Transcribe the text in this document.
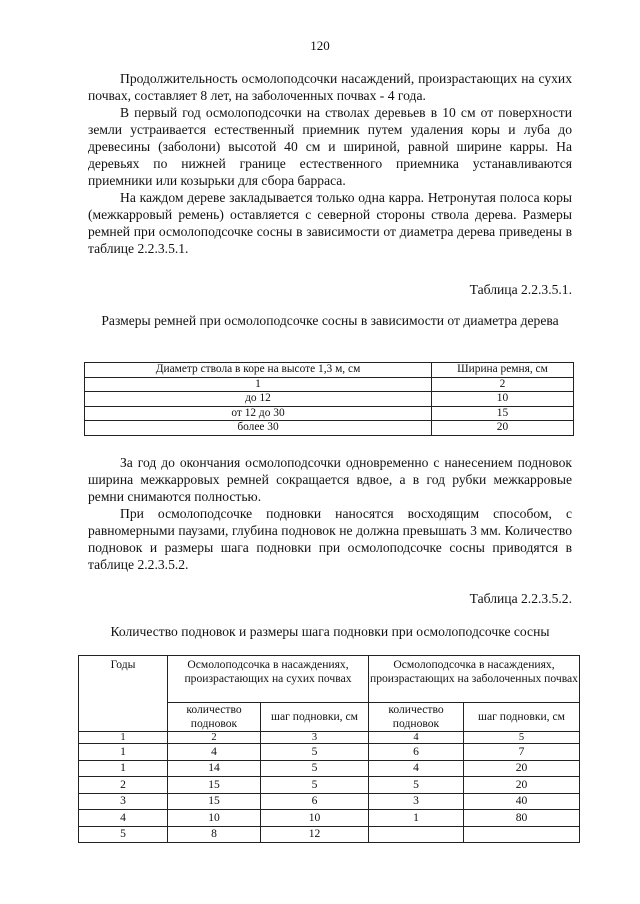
120

Продолжительность осмолоподсочки насаждений, произрастающих на сухих почвах, составляет 8 лет, на заболоченных почвах - 4 года.

В первый год осмолоподсочки на стволах деревьев в 10 см от поверхности земли устраивается естественный приемник путем удаления коры и луба до древесины (заболони) высотой 40 см и шириной, равной ширине карры. На деревьях по нижней границе естественного приемника устанавливаются приемники или козырьки для сбора барраса.

На каждом дереве закладывается только одна карра. Нетронутая полоса коры (межкарровый ремень) оставляется с северной стороны ствола дерева. Размеры ремней при осмолоподсочке сосны в зависимости от диаметра дерева приведены в таблице 2.2.3.5.1.

Таблица 2.2.3.5.1.

Размеры ремней при осмолоподсочке сосны в зависимости от диаметра дерева

Диаметр ствола в коре на высоте 1,3 м, см	Ширина ремня, см
1	2
до 12	10
от 12 до 30	15
более 30	20

За год до окончания осмолоподсочки одновременно с нанесением подновок ширина межкарровых ремней сокращается вдвое, а в год рубки межкарровые ремни снимаются полностью.

При осмолоподсочке подновки наносятся восходящим способом, с равномерными паузами, глубина подновок не должна превышать 3 мм. Количество подновок и размеры шага подновки при осмолоподсочке сосны приводятся в таблице 2.2.3.5.2.

Таблица 2.2.3.5.2.

Количество подновок и размеры шага подновки при осмолоподсочке сосны

Годы	Осмолоподсочка в насаждениях, произрастающих на сухих почвах		Осмолоподсочка в насаждениях, произрастающих на заболоченных почвах	
	количество подновок	шаг подновки, см	количество подновок	шаг подновки, см
1	2	3	4	5
1	4	5	6	7
1	14	5	4	20
2	15	5	5	20
3	15	6	3	40
4	10	10	1	80
5	8	12		
